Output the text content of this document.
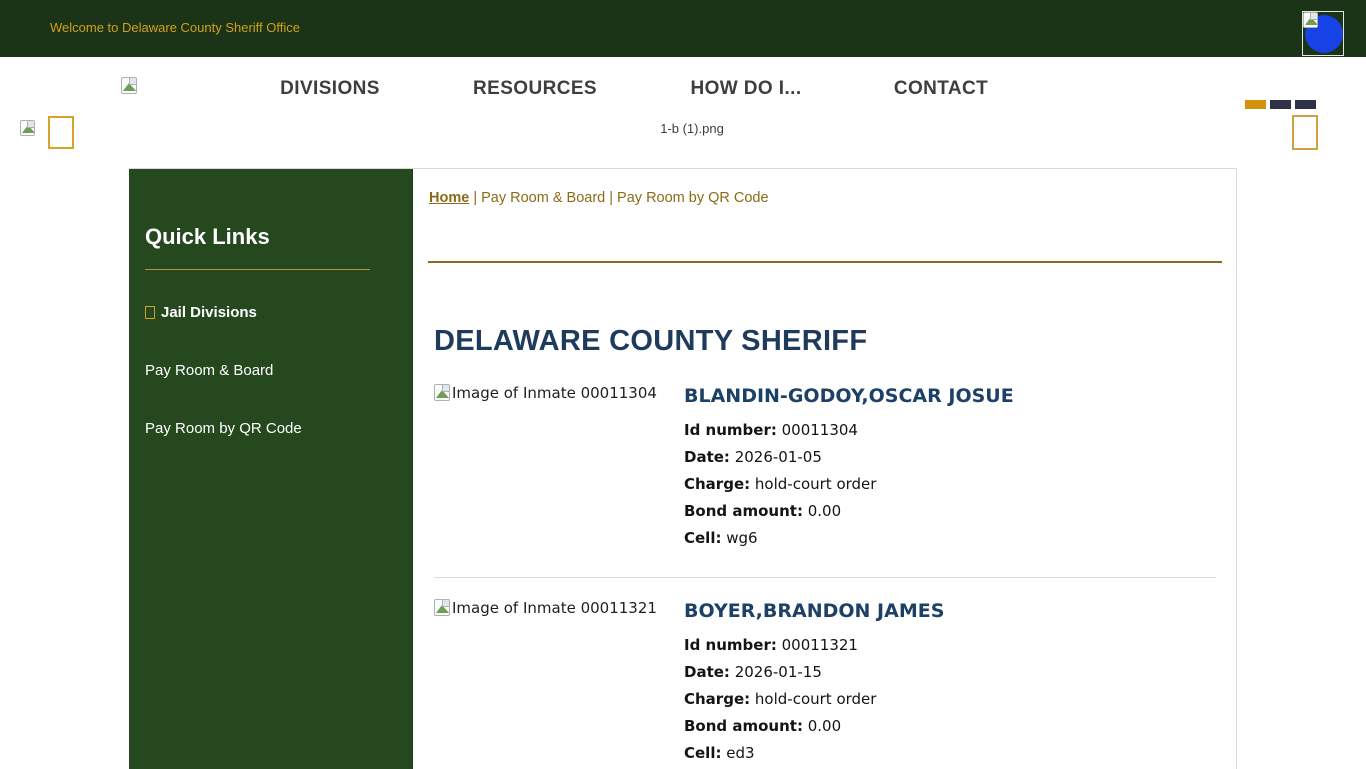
Welcome to Delaware County Sheriff Office

DIVISIONS	RESOURCES	HOW DO I...	CONTACT
1-b (1).png
Quick Links
Jail Divisions
Pay Room & Board
Pay Room by QR Code
Home | Pay Room & Board | Pay Room by QR Code
DELAWARE COUNTY SHERIFF
Image of Inmate 00011304	BLANDIN-GODOY,OSCAR JOSUE
Id number: 00011304
Date: 2026-01-05
Charge: hold-court order
Bond amount: 0.00
Cell: wg6
Image of Inmate 00011321	BOYER,BRANDON JAMES
Id number: 00011321
Date: 2026-01-15
Charge: hold-court order
Bond amount: 0.00
Cell: ed3
